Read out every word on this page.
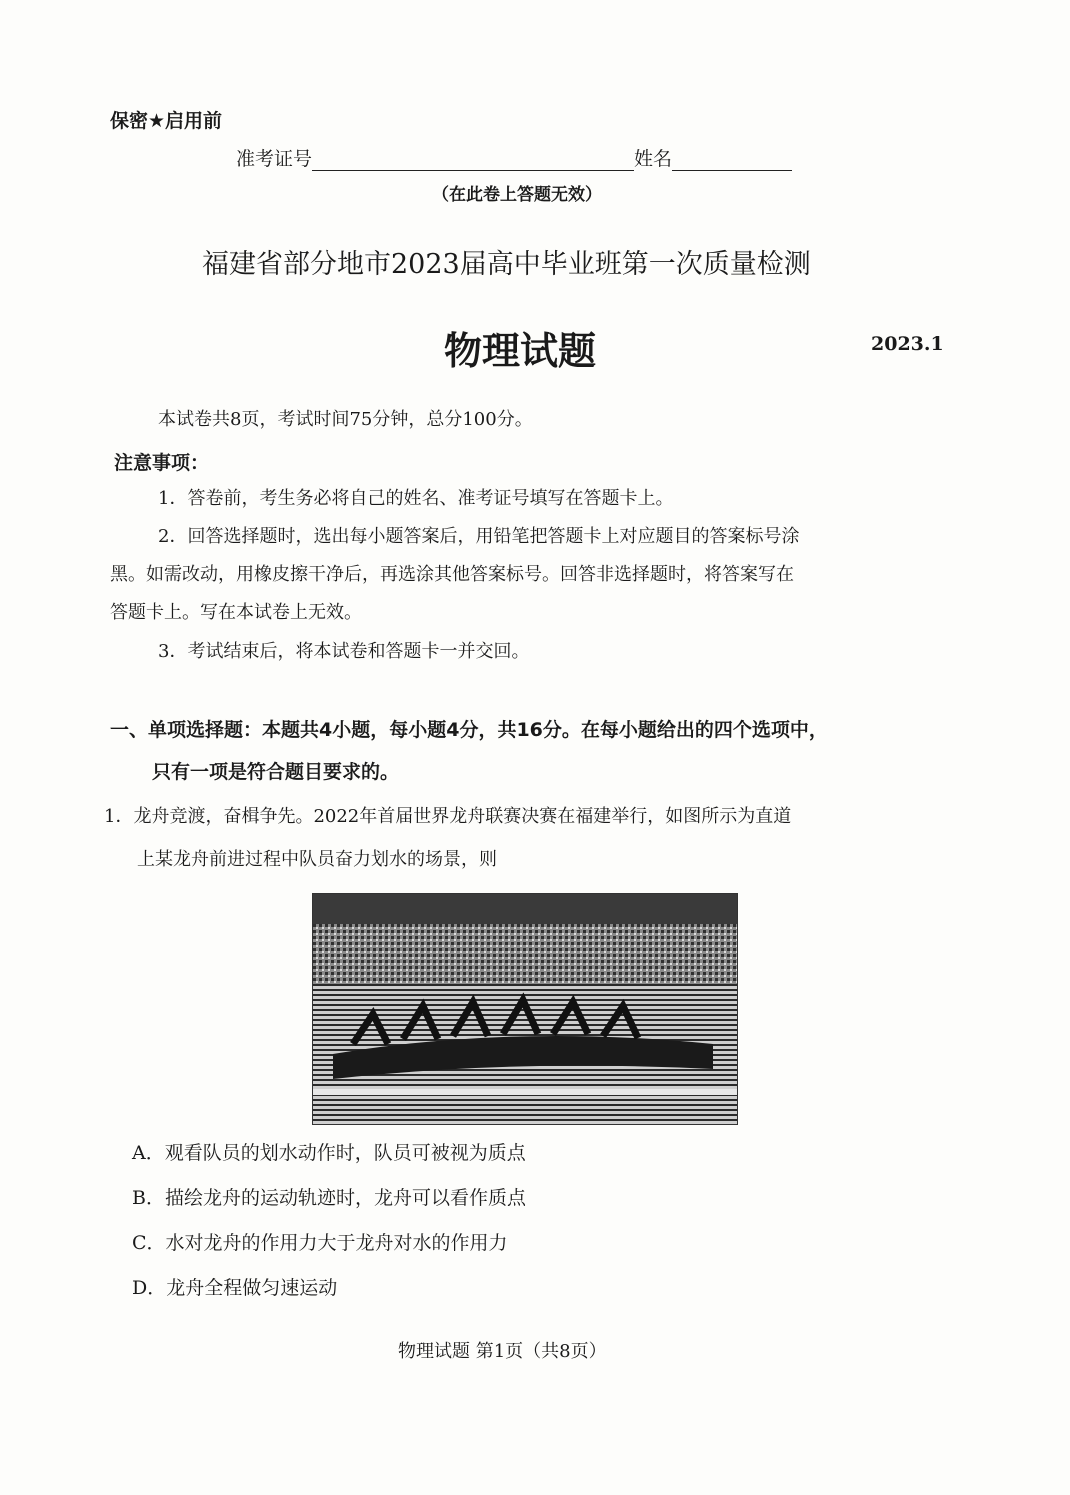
保密★启用前
准考证号	姓名
（在此卷上答题无效）
福建省部分地市2023届高中毕业班第一次质量检测
物理试题	2023.1
本试卷共8页，考试时间75分钟，总分100分。
注意事项：
1．答卷前，考生务必将自己的姓名、准考证号填写在答题卡上。
2．回答选择题时，选出每小题答案后，用铅笔把答题卡上对应题目的答案标号涂
黑。如需改动，用橡皮擦干净后，再选涂其他答案标号。回答非选择题时，将答案写在
答题卡上。写在本试卷上无效。
3．考试结束后，将本试卷和答题卡一并交回。
一、单项选择题：本题共4小题，每小题4分，共16分。在每小题给出的四个选项中，
只有一项是符合题目要求的。
1．龙舟竞渡，奋楫争先。2022年首届世界龙舟联赛决赛在福建举行，如图所示为直道
上某龙舟前进过程中队员奋力划水的场景，则
A．观看队员的划水动作时，队员可被视为质点
B．描绘龙舟的运动轨迹时，龙舟可以看作质点
C．水对龙舟的作用力大于龙舟对水的作用力
D．龙舟全程做匀速运动
物理试题 第1页（共8页）
